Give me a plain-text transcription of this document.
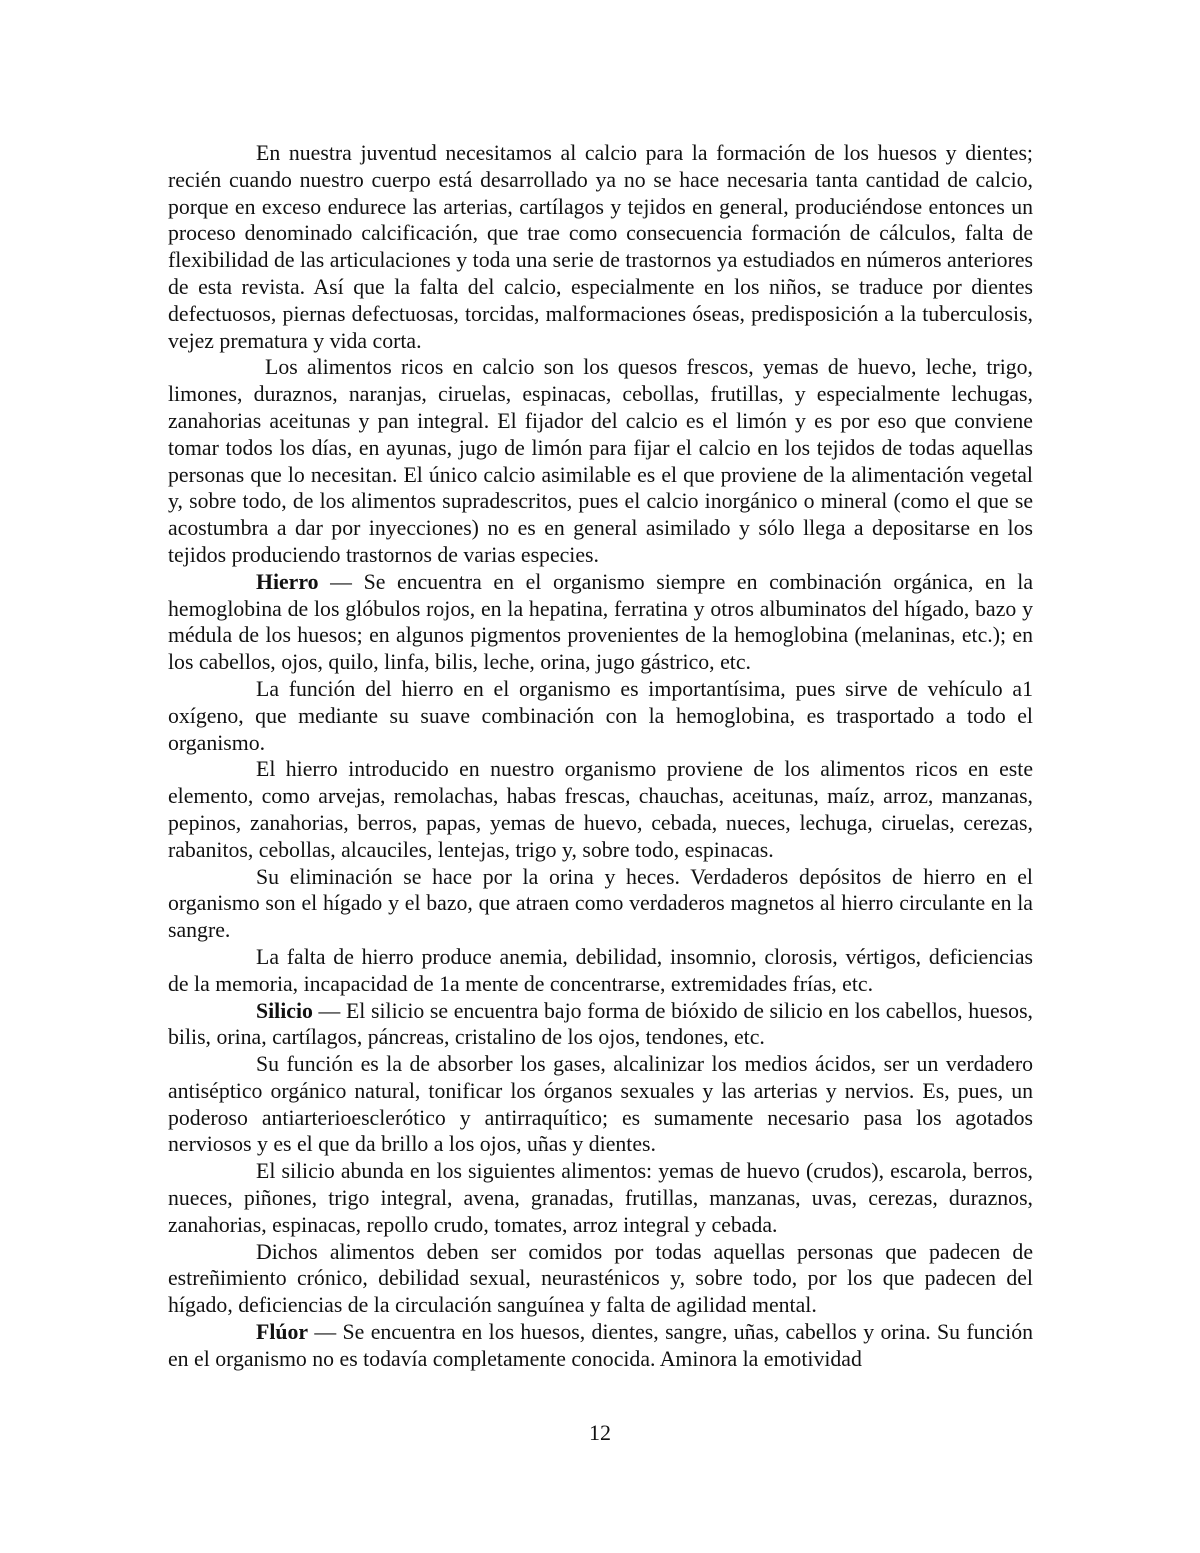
En nuestra juventud necesitamos al calcio para la formación de los huesos y dientes; recién cuando nuestro cuerpo está desarrollado ya no se hace necesaria tanta cantidad de calcio, porque en exceso endurece las arterias, cartílagos y tejidos en general, produciéndose entonces un proceso denominado calcificación, que trae como consecuencia formación de cálculos, falta de flexibilidad de las articulaciones y toda una serie de trastornos ya estudiados en números anteriores de esta revista. Así que la falta del calcio, especialmente en los niños, se traduce por dientes defectuosos, piernas defectuosas, torcidas, malformaciones óseas, predisposición a la tuberculosis, vejez prematura y vida corta.

Los alimentos ricos en calcio son los quesos frescos, yemas de huevo, leche, trigo, limones, duraznos, naranjas, ciruelas, espinacas, cebollas, frutillas, y especialmente lechugas, zanahorias aceitunas y pan integral. El fijador del calcio es el limón y es por eso que conviene tomar todos los días, en ayunas, jugo de limón para fijar el calcio en los tejidos de todas aquellas personas que lo necesitan. El único calcio asimilable es el que proviene de la alimentación vegetal y, sobre todo, de los alimentos supradescritos, pues el calcio inorgánico o mineral (como el que se acostumbra a dar por inyecciones) no es en general asimilado y sólo llega a depositarse en los tejidos produciendo trastornos de varias especies.

Hierro — Se encuentra en el organismo siempre en combinación orgánica, en la hemoglobina de los glóbulos rojos, en la hepatina, ferratina y otros albuminatos del hígado, bazo y médula de los huesos; en algunos pigmentos provenientes de la hemoglobina (melaninas, etc.); en los cabellos, ojos, quilo, linfa, bilis, leche, orina, jugo gástrico, etc.

La función del hierro en el organismo es importantísima, pues sirve de vehículo a1 oxígeno, que mediante su suave combinación con la hemoglobina, es trasportado a todo el organismo.

El hierro introducido en nuestro organismo proviene de los alimentos ricos en este elemento, como arvejas, remolachas, habas frescas, chauchas, aceitunas, maíz, arroz, manzanas, pepinos, zanahorias, berros, papas, yemas de huevo, cebada, nueces, lechuga, ciruelas, cerezas, rabanitos, cebollas, alcauciles, lentejas, trigo y, sobre todo, espinacas.

Su eliminación se hace por la orina y heces. Verdaderos depósitos de hierro en el organismo son el hígado y el bazo, que atraen como verdaderos magnetos al hierro circulante en la sangre.

La falta de hierro produce anemia, debilidad, insomnio, clorosis, vértigos, deficiencias de la memoria, incapacidad de 1a mente de concentrarse, extremidades frías, etc.

Silicio — El silicio se encuentra bajo forma de bióxido de silicio en los cabellos, huesos, bilis, orina, cartílagos, páncreas, cristalino de los ojos, tendones, etc.

Su función es la de absorber los gases, alcalinizar los medios ácidos, ser un verdadero antiséptico orgánico natural, tonificar los órganos sexuales y las arterias y nervios. Es, pues, un poderoso antiarterioesclerótico y antirraquítico; es sumamente necesario pasa los agotados nerviosos y es el que da brillo a los ojos, uñas y dientes.

El silicio abunda en los siguientes alimentos: yemas de huevo (crudos), escarola, berros, nueces, piñones, trigo integral, avena, granadas, frutillas, manzanas, uvas, cerezas, duraznos, zanahorias, espinacas, repollo crudo, tomates, arroz integral y cebada.

Dichos alimentos deben ser comidos por todas aquellas personas que padecen de estreñimiento crónico, debilidad sexual, neurasténicos y, sobre todo, por los que padecen del hígado, deficiencias de la circulación sanguínea y falta de agilidad mental.

Flúor — Se encuentra en los huesos, dientes, sangre, uñas, cabellos y orina. Su función en el organismo no es todavía completamente conocida. Aminora la emotividad

12
